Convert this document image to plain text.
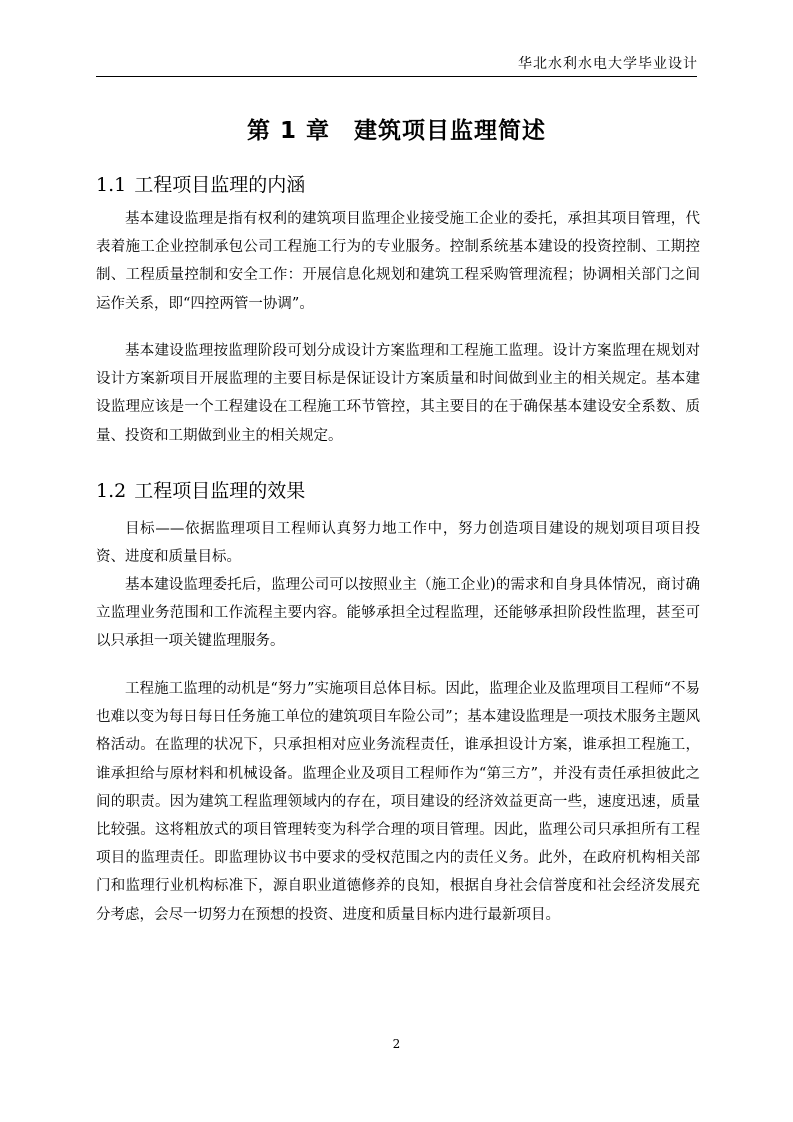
华北水利水电大学毕业设计
第 1 章　建筑项目监理简述
1.1 工程项目监理的内涵

基本建设监理是指有权利的建筑项目监理企业接受施工企业的委托，承担其项目管理，代表着施工企业控制承包公司工程施工行为的专业服务。控制系统基本建设的投资控制、工期控制、工程质量控制和安全工作：开展信息化规划和建筑工程采购管理流程；协调相关部门之间运作关系，即“四控两管一协调”。

基本建设监理按监理阶段可划分成设计方案监理和工程施工监理。设计方案监理在规划对设计方案新项目开展监理的主要目标是保证设计方案质量和时间做到业主的相关规定。基本建设监理应该是一个工程建设在工程施工环节管控，其主要目的在于确保基本建设安全系数、质量、投资和工期做到业主的相关规定。

1.2 工程项目监理的效果

目标——依据监理项目工程师认真努力地工作中，努力创造项目建设的规划项目项目投资、进度和质量目标。

基本建设监理委托后，监理公司可以按照业主（施工企业)的需求和自身具体情况，商讨确立监理业务范围和工作流程主要内容。能够承担全过程监理，还能够承担阶段性监理，甚至可以只承担一项关键监理服务。

工程施工监理的动机是“努力”实施项目总体目标。因此，监理企业及监理项目工程师“不易也难以变为每日每日任务施工单位的建筑项目车险公司”；基本建设监理是一项技术服务主题风格活动。在监理的状况下，只承担相对应业务流程责任，谁承担设计方案，谁承担工程施工，谁承担给与原材料和机械设备。监理企业及项目工程师作为“第三方”，并没有责任承担彼此之间的职责。因为建筑工程监理领域内的存在，项目建设的经济效益更高一些，速度迅速，质量比较强。这将粗放式的项目管理转变为科学合理的项目管理。因此，监理公司只承担所有工程项目的监理责任。即监理协议书中要求的受权范围之内的责任义务。此外，在政府机构相关部门和监理行业机构标准下，源自职业道德修养的良知，根据自身社会信誉度和社会经济发展充分考虑，会尽一切努力在预想的投资、进度和质量目标内进行最新项目。

2
